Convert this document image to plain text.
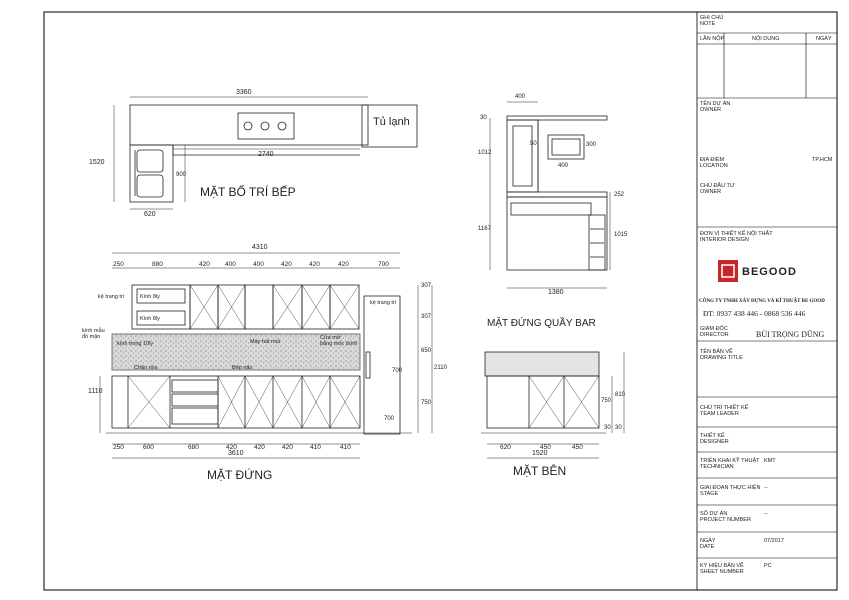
3360
2740
1520
900
620
Tủ lạnh
MẶT BỐ TRÍ BẾP
4310
250	880	420 400	400	420	420	420	700
250	600	680	420	420	420	410	410
3610
1110
307
307
650
750
2110
700
700
kệ trang trí	Kính 8ly
Kính 8ly
kính mẫu
đồ mận
kính trong 10ly
Chậu rửa
Máy hút mùi
Bếp nấu
Cửa mở
bằng móc dưới
kệ trang trí
MẶT ĐỨNG
400
30
1012
50	300
400
1167
252
1015
1380
MẶT ĐỨNG QUẦY BAR
620	450	450
1520
750
810
30 30
MẶT BÊN
GHI CHÚ
NOTE
LẦN NỘP	NỘI DUNG	NGÀY
TÊN DỰ ÁN
OWNER
ĐỊA ĐIỂM
LOCATION
TP.HCM
CHỦ ĐẦU TƯ
OWNER
ĐƠN VỊ THIẾT KẾ NỘI THẤT
INTERIOR DESIGN
BEGOOD
CÔNG TY TNHH XÂY DỰNG VÀ KĨ THUẬT BE GOOD
ĐT: 0937 438 446 - 0868 536 446
GIÁM ĐỐC
DIRECTOR	BÙI TRỌNG DŨNG
TÊN BẢN VẼ
DRAWING TITLE
CHỦ TRÌ THIẾT KẾ
TEAM LEADER
THIẾT KẾ
DESIGNER
TRIỂN KHAI KỸ THUẬT
TECHNICIAN
KMT
GIAI ĐOẠN THỰC HIỆN
STAGE
--
SỐ DỰ ÁN
PROJECT NUMBER
--
NGÀY
DATE
07/2017
KÝ HIỆU BẢN VẼ
SHEET NUMBER
PC
